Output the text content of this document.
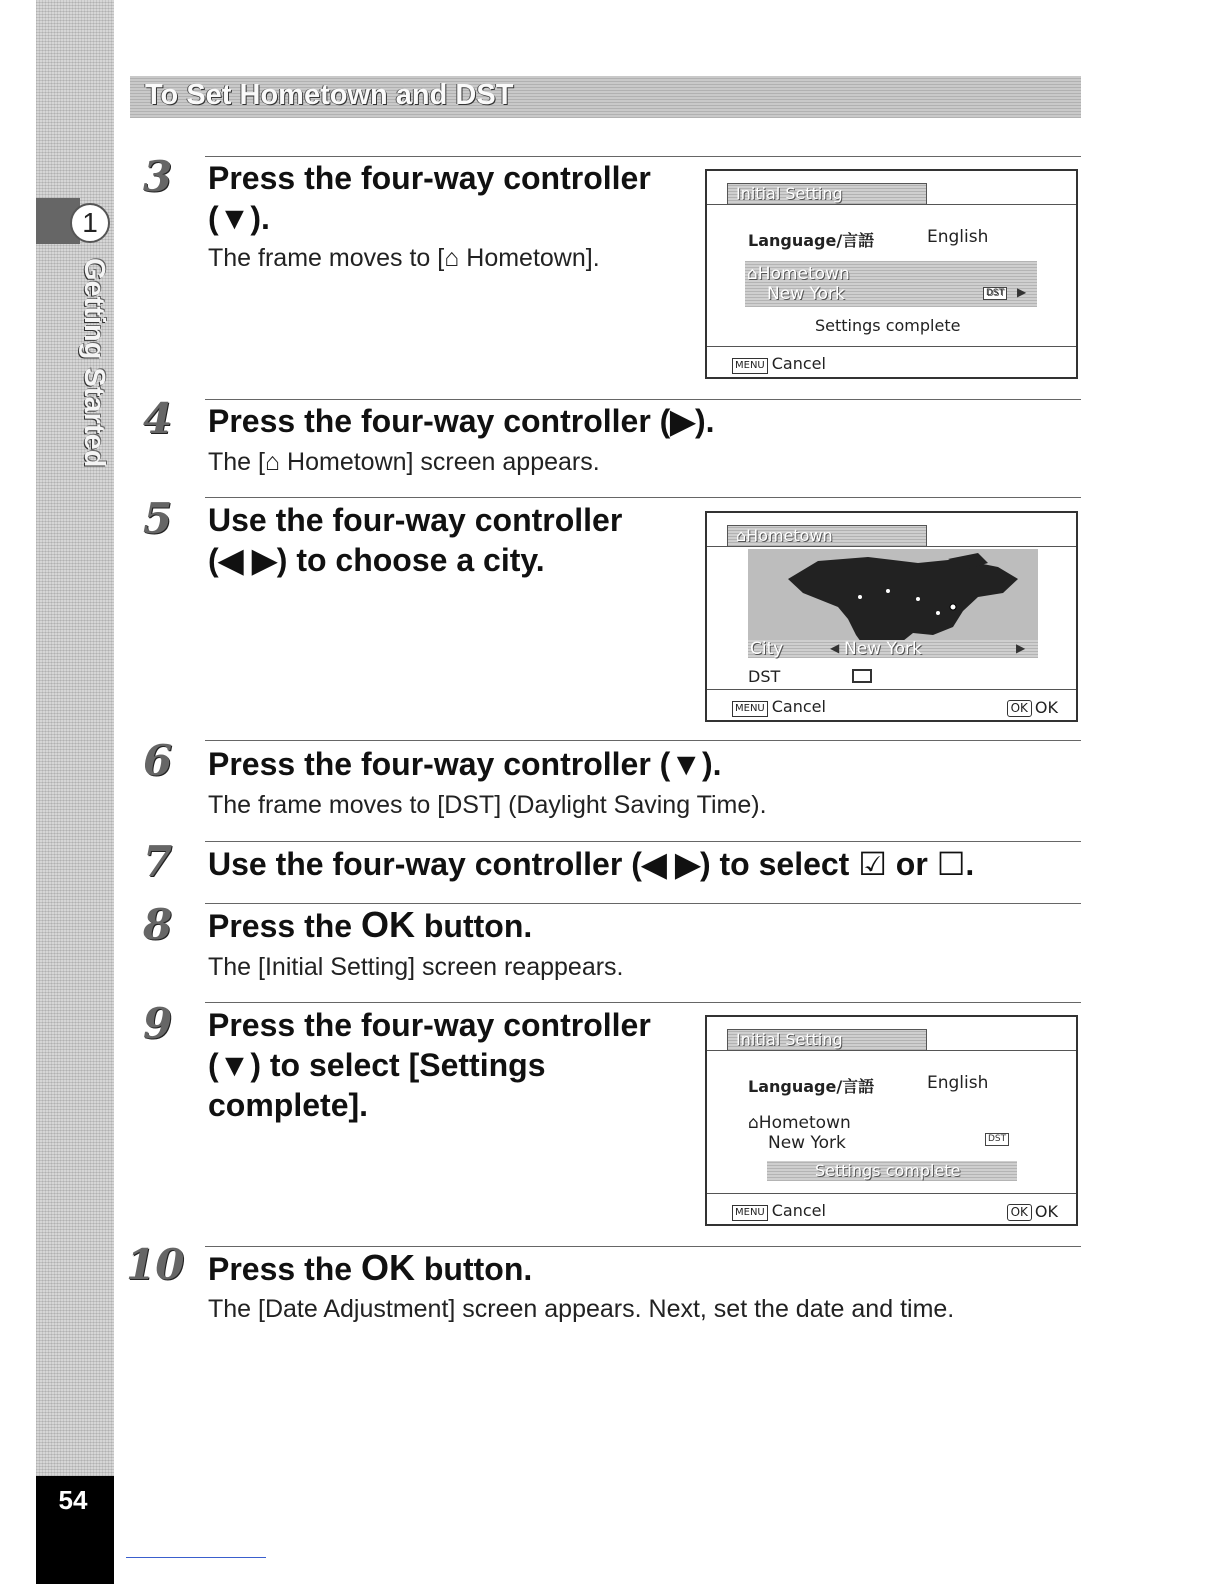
1
Getting Started
54
To Set Hometown and DST
3 Press the four-way controller
(▼).
The frame moves to [⌂ Hometown].
Initial Setting
Language/言語	English
⌂Hometown
New York	DST ▶
Settings complete
MENU Cancel
4 Press the four-way controller (▶).
The [⌂ Hometown] screen appears.
5 Use the four-way controller
(◀ ▶) to choose a city.
⌂Hometown
City	◀ New York	▶
DST
MENU Cancel	OK OK
6 Press the four-way controller (▼).
The frame moves to [DST] (Daylight Saving Time).
7 Use the four-way controller (◀ ▶) to select ☑ or ☐.
8 Press the OK button.
The [Initial Setting] screen reappears.
9 Press the four-way controller
(▼) to select [Settings
complete].
Initial Setting
Language/言語	English
⌂Hometown
New York	DST
Settings complete
MENU Cancel	OK OK
10 Press the OK button.
The [Date Adjustment] screen appears. Next, set the date and time.
